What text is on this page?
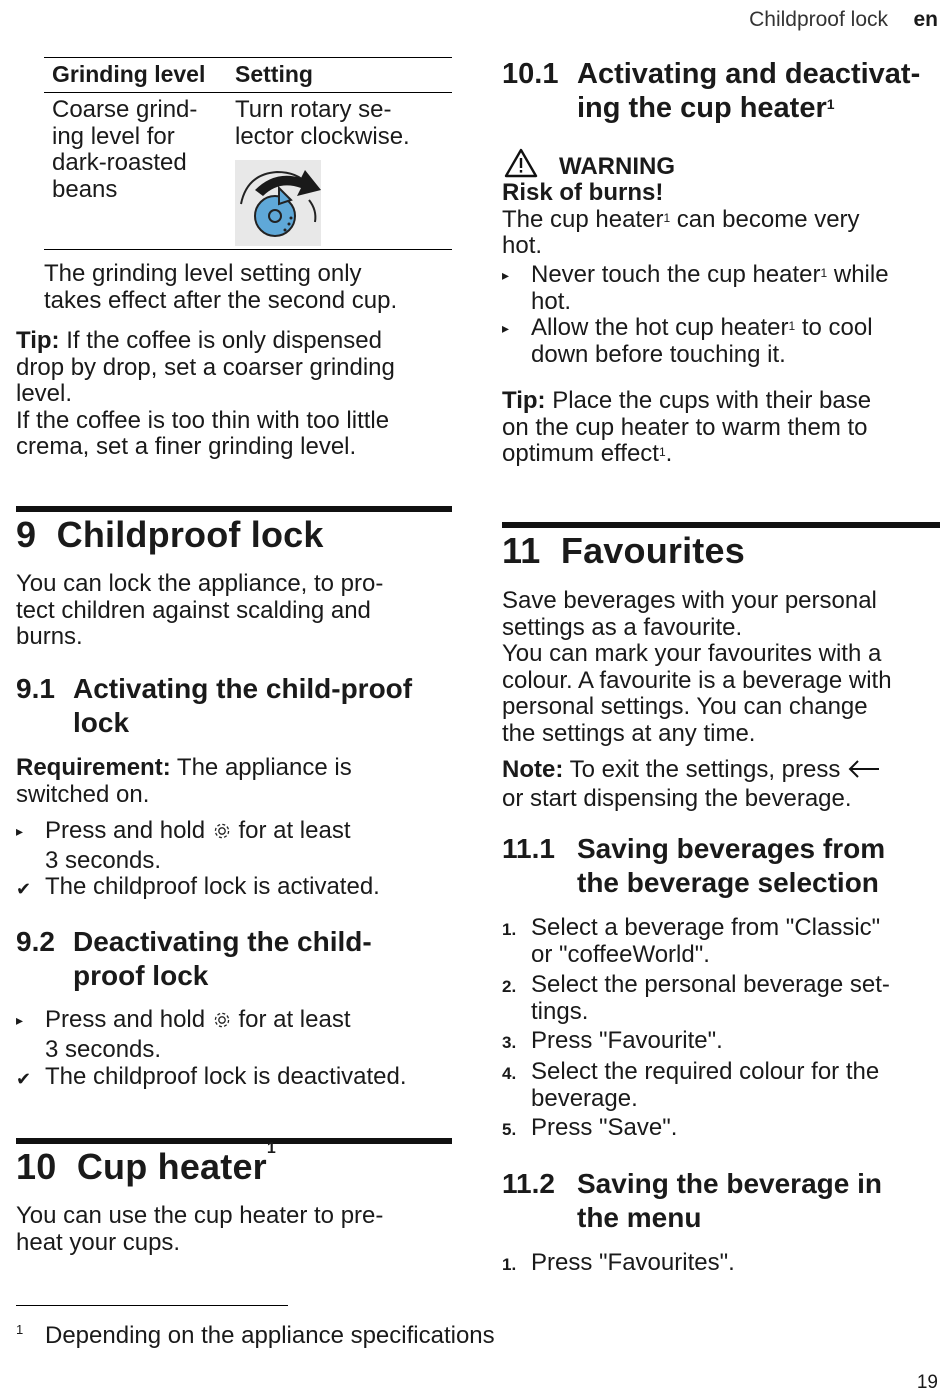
Childproof lock en
Grinding level Setting
Coarse grind-
ing level for
dark-roasted
beans
Turn rotary se-
lector clockwise.
The grinding level setting only
takes effect after the second cup.
Tip: If the coffee is only dispensed
drop by drop, set a coarser grinding
level.
If the coffee is too thin with too little
crema, set a finer grinding level.
9 Childproof lock
You can lock the appliance, to pro-
tect children against scalding and
burns.
9.1 Activating the child-proof
lock
Requirement: The appliance is
switched on.
▸ Press and hold  for at least
3 seconds.
✔ The childproof lock is activated.
9.2 Deactivating the child-
proof lock
▸ Press and hold  for at least
3 seconds.
✔ The childproof lock is deactivated.
10 Cup heater$^1$
You can use the cup heater to pre-
heat your cups.
10.1 Activating and deactivat-
ing the cup heater$^1$
WARNING
Risk of burns!
The cup heater$^1$ can become very
hot.
▸ Never touch the cup heater$^1$ while
hot.
▸ Allow the hot cup heater$^1$ to cool
down before touching it.
Tip: Place the cups with their base
on the cup heater to warm them to
optimum effect$^1$.
11 Favourites
Save beverages with your personal
settings as a favourite.
You can mark your favourites with a
colour. A favourite is a beverage with
personal settings. You can change
the settings at any time.
Note: To exit the settings, press
or start dispensing the beverage.
11.1 Saving beverages from
the beverage selection
1. Select a beverage from "Classic"
or "coffeeWorld".
2. Select the personal beverage set-
tings.
3. Press "Favourite".
4. Select the required colour for the
beverage.
5. Press "Save".
11.2 Saving the beverage in
the menu
1. Press "Favourites".
1 Depending on the appliance specifications
19
